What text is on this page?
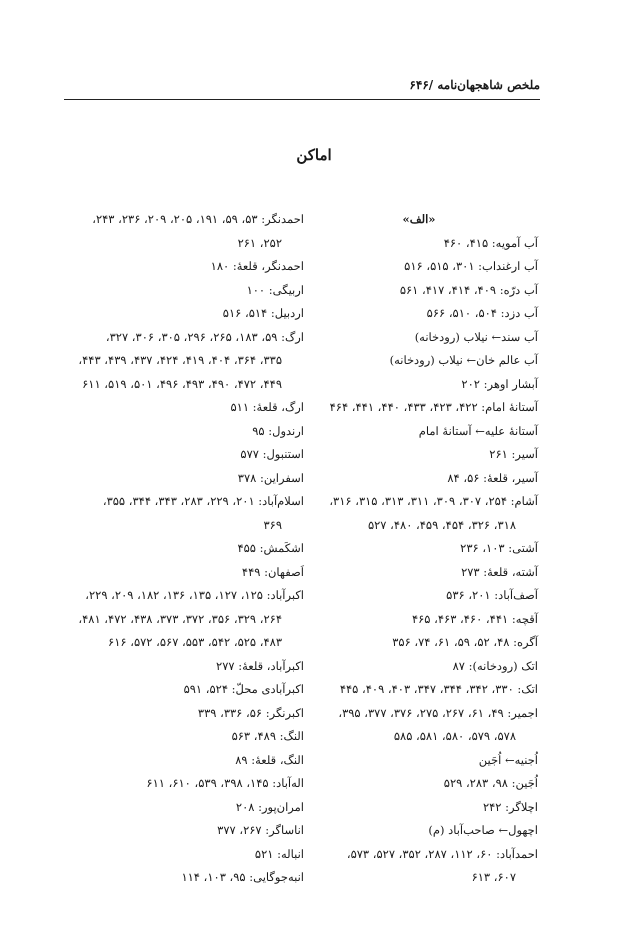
ملخص شاهجهان‌نامه /۶۴۶
اماکن
«الف»

آب آمویه: ۴۱۵، ۴۶۰

آب ارغنداب: ۳۰۱، ۵۱۵، ۵۱۶

آب درّه: ۴۰۹، ۴۱۴، ۴۱۷، ۵۶۱

آب دزد: ۵۰۴، ۵۱۰، ۵۶۶

آب سند← نیلاب (رودخانه)

آب عالم خان← نیلاب (رودخانه)

آبشار اوهر: ۲۰۲

آستانهٔ امام: ۴۲۲، ۴۲۳، ۴۳۳، ۴۴۰، ۴۴۱، ۴۶۴

آستانهٔ علیه← آستانهٔ امام

آسیر: ۲۶۱

آسیر، قلعهٔ: ۵۶، ۸۴

آشام: ۲۵۴، ۳۰۷، ۳۰۹، ۳۱۱، ۳۱۳، ۳۱۵، ۳۱۶،

۳۱۸، ۳۲۶، ۴۵۴، ۴۵۹، ۴۸۰، ۵۲۷

آشتی: ۱۰۳، ۲۳۶

آشته، قلعهٔ: ۲۷۳

آصف‌آباد: ۲۰۱، ۵۳۶

آقچه: ۴۴۱، ۴۶۰، ۴۶۳، ۴۶۵

آگره: ۴۸، ۵۲، ۵۹، ۶۱، ۷۴، ۳۵۶

اتک (رودخانه): ۸۷

اتک: ۳۳۰، ۳۴۲، ۳۴۴، ۳۴۷، ۴۰۳، ۴۰۹، ۴۴۵

اجمیر: ۴۹، ۶۱، ۲۶۷، ۲۷۵، ۳۷۶، ۳۷۷، ۳۹۵،

۵۷۸، ۵۷۹، ۵۸۰، ۵۸۱، ۵۸۵

اُجنیه← اُجَین

اُجَین: ۹۸، ۲۸۳، ۵۲۹

اچلاگر: ۲۴۲

اچهول← صاحب‌آباد (م)

احمدآباد: ۶۰، ۱۱۲، ۲۸۷، ۳۵۲، ۵۲۷، ۵۷۳،

۶۰۷، ۶۱۳

احمدنگر: ۵۳، ۵۹، ۱۹۱، ۲۰۵، ۲۰۹، ۲۳۶، ۲۴۳،

۲۵۲، ۲۶۱

احمدنگر، قلعهٔ: ۱۸۰

اربیگی: ۱۰۰

اردبیل: ۵۱۴، ۵۱۶

ارگ: ۵۹، ۱۸۳، ۲۶۵، ۲۹۶، ۳۰۵، ۳۰۶، ۳۲۷،

۳۳۵، ۳۶۴، ۴۰۴، ۴۱۹، ۴۲۴، ۴۳۷، ۴۳۹، ۴۴۳،

۴۴۹، ۴۷۲، ۴۹۰، ۴۹۳، ۴۹۶، ۵۰۱، ۵۱۹، ۶۱۱

ارگ، قلعهٔ: ۵۱۱

ارندول: ۹۵

استنبول: ۵۷۷

اسفراین: ۳۷۸

اسلام‌آباد: ۲۰۱، ۲۲۹، ۲۸۳، ۳۴۳، ۳۴۴، ۳۵۵،

۳۶۹

اشکَمش: ۴۵۵

اَصفهان: ۴۴۹

اکبرآباد: ۱۲۵، ۱۲۷، ۱۳۵، ۱۳۶، ۱۸۲، ۲۰۹، ۲۲۹،

۲۶۴، ۳۲۹، ۳۵۶، ۳۷۲، ۳۷۳، ۴۳۸، ۴۷۲، ۴۸۱،

۴۸۳، ۵۲۵، ۵۴۲، ۵۵۳، ۵۶۷، ۵۷۲، ۶۱۶

اکبرآباد، قلعهٔ: ۲۷۷

اکبرآبادی محلّ: ۵۲۴، ۵۹۱

اکبرنگر: ۵۶، ۳۳۶، ۳۳۹

النگ: ۴۸۹، ۵۶۳

النگ، قلعهٔ: ۸۹

اله‌آباد: ۱۴۵، ۳۹۸، ۵۳۹، ۶۱۰، ۶۱۱

امران‌پور: ۲۰۸

اناساگر: ۲۶۷، ۳۷۷

انباله: ۵۲۱

انبه‌جوگایی: ۹۵، ۱۰۳، ۱۱۴
